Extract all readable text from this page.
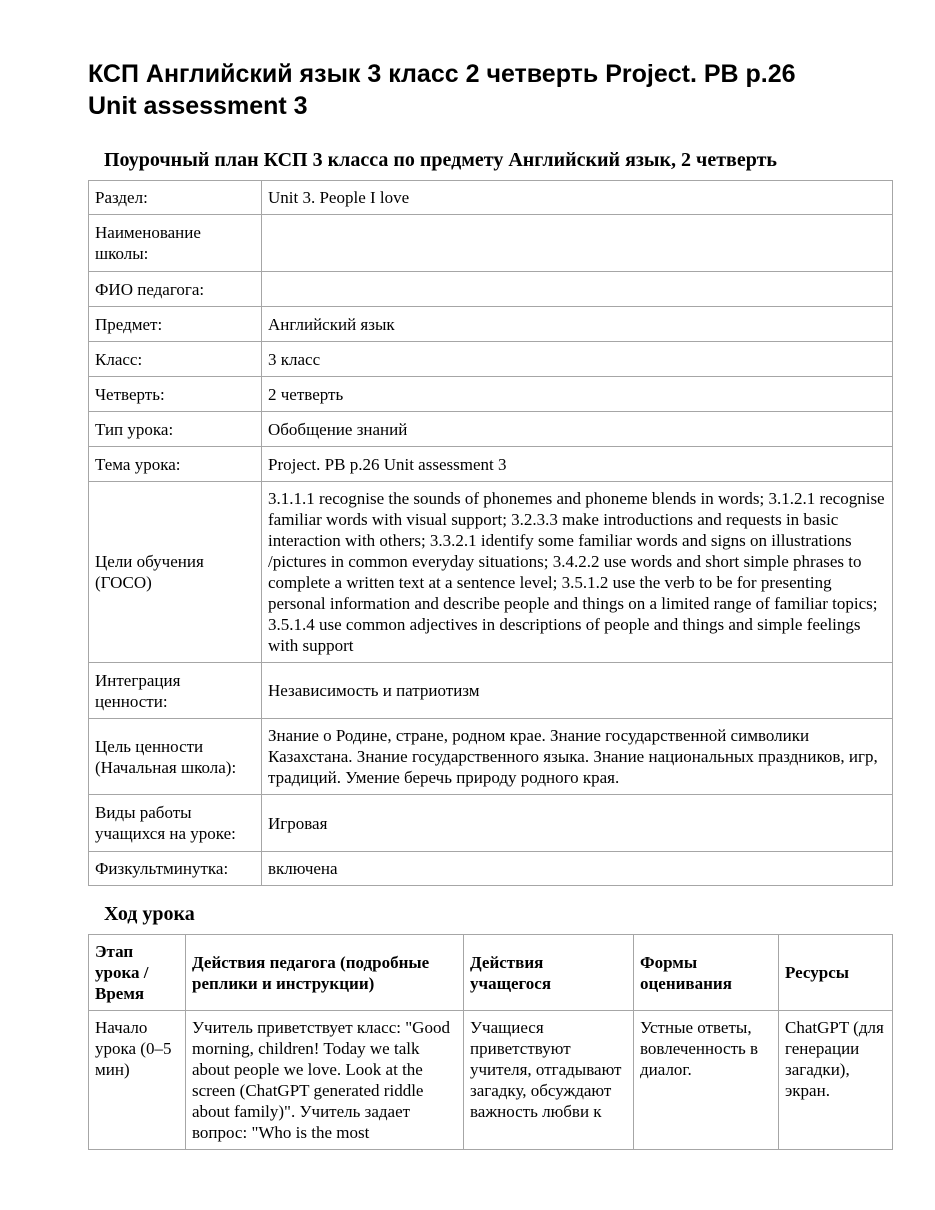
КСП Английский язык 3 класс 2 четверть Project. PB p.26
Unit assessment 3
Поурочный план КСП 3 класса по предмету Английский язык, 2 четверть
Раздел:	Unit 3. People I love
Наименование школы:	
ФИО педагога:	
Предмет:	Английский язык
Класс:	3 класс
Четверть:	2 четверть
Тип урока:	Обобщение знаний
Тема урока:	Project. PB p.26 Unit assessment 3
Цели обучения (ГОСО)	3.1.1.1 recognise the sounds of phonemes and phoneme blends in words; 3.1.2.1 recognise familiar words with visual support; 3.2.3.3 make introductions and requests in basic interaction with others; 3.3.2.1 identify some familiar words and signs on illustrations /pictures in common everyday situations; 3.4.2.2 use words and short simple phrases to complete a written text at a sentence level; 3.5.1.2 use the verb to be for presenting personal information and describe people and things on a limited range of familiar topics; 3.5.1.4 use common adjectives in descriptions of people and things and simple feelings with support
Интеграция ценности:	Независимость и патриотизм
Цель ценности (Начальная школа):	Знание о Родине, стране, родном крае. Знание государственной символики Казахстана. Знание государственного языка. Знание национальных праздников, игр, традиций. Умение беречь природу родного края.
Виды работы учащихся на уроке:	Игровая
Физкультминутка:	включена
Ход урока
Этап урока / Время	Действия педагога (подробные реплики и инструкции)	Действия учащегося	Формы оценивания	Ресурсы
Начало урока (0–5 мин)	Учитель приветствует класс: "Good morning, children! Today we talk about people we love. Look at the screen (ChatGPT generated riddle about family)". Учитель задает вопрос: "Who is the most	Учащиеся приветствуют учителя, отгадывают загадку, обсуждают важность любви к	Устные ответы, вовлеченность в диалог.	ChatGPT (для генерации загадки), экран.
